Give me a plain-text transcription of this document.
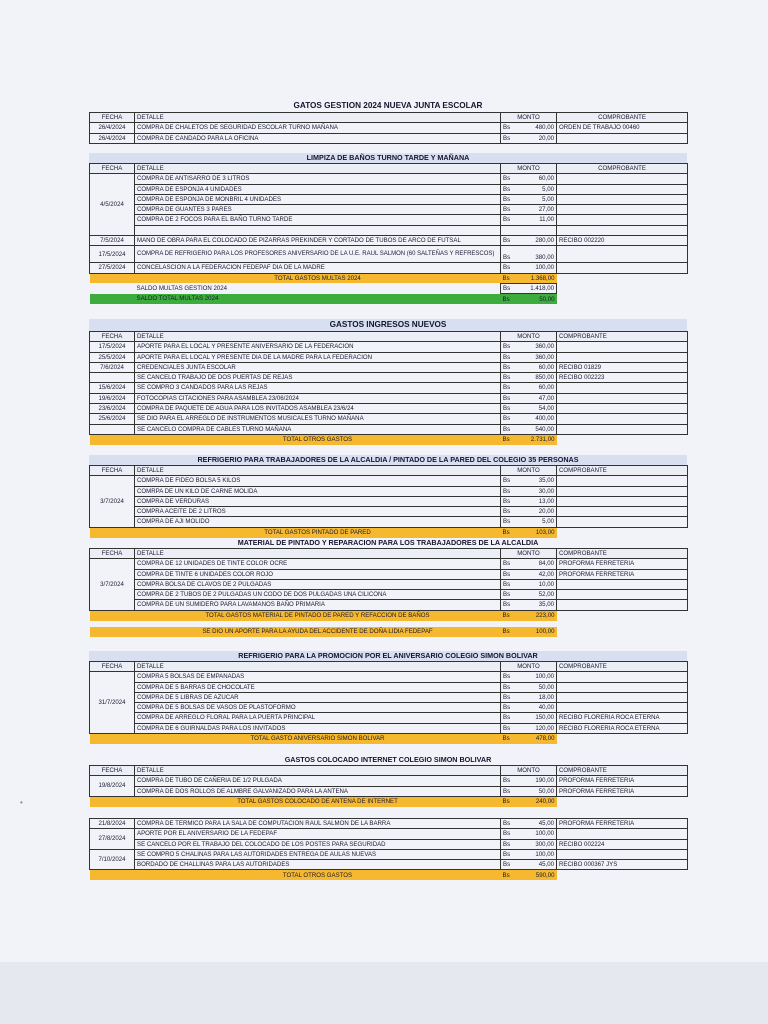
GATOS GESTION 2024 NUEVA JUNTA ESCOLAR
FECHA	DETALLE	MONTO		COMPROBANTE
26/4/2024	COMPRA DE CHALETOS DE SEGURIDAD ESCOLAR TURNO MAÑANA	Bs	480,00	ORDEN DE TRABAJO 00460
26/4/2024	COMPRA DE CANDADO PARA LA OFICINA	Bs	20,00	
LIMPIZA DE BAÑOS TURNO TARDE Y MAÑANA
FECHA	DETALLE	MONTO		COMPROBANTE
4/5/2024	COMPRA DE ANTISARRO DE 3 LITROS	Bs	60,00	
	COMPRA DE ESPONJA 4 UNIDADES	Bs	5,00	
	COMPRA DE ESPONJA DE MONBRIL 4 UNIDADES	Bs	5,00	
	COMPRA DE GUANTES 3 PARES	Bs	27,00	
	COMPRA DE 2 FOCOS PARA EL BAÑO TURNO TARDE	Bs	11,00	

7/5/2024	MANO DE OBRA PARA EL COLOCADO DE PIZARRAS PREKINDER Y CORTADO DE TUBOS DE ARCO DE FUTSAL	Bs	280,00	RECIBO 002220
17/5/2024	COMPRA DE REFRIGERIO PARA LOS PROFESORES ANIVERSARIO DE LA U.E. RAUL SALMON (60 SALTEÑAS Y REFRESCOS)	Bs	380,00	
27/5/2024	CONCELASCION A LA FEDERACION FEDEPAF DIA DE LA MADRE	Bs	100,00	
	TOTAL GASTOS MULTAS 2024	Bs	1.368,00	
	SALDO MULTAS GESTION 2024	Bs	1.418,00	
	SALDO TOTAL MULTAS 2024	Bs	50,00	
GASTOS INGRESOS NUEVOS
FECHA	DETALLE	MONTO		COMPROBANTE
17/5/2024	APORTE PARA EL LOCAL Y PRESENTE ANIVERSARIO DE LA FEDERACION	Bs	360,00	
25/5/2024	APORTE PARA EL LOCAL Y PRESENTE DIA DE LA MADRE PARA LA FEDERACION	Bs	360,00	
7/6/2024	CREDENCIALES JUNTA ESCOLAR	Bs	60,00	RECIBO 01829
	SE CANCELO TRABAJO DE DOS PUERTAS DE REJAS	Bs	850,00	RECIBO 002223
15/6/2024	SE COMPRO 3 CANDADOS PARA LAS REJAS	Bs	60,00	
19/6/2024	FOTOCOPIAS CITACIONES PARA ASAMBLEA 23/06/2024	Bs	47,00	
23/6/2024	COMPRA DE PAQUETE DE AGUA PARA LOS INVITADOS ASAMBLEA 23/6/24	Bs	54,00	
25/6/2024	SE DIO PARA EL ARREGLO DE INSTRUMENTOS MUSICALES TURNO MAÑANA	Bs	400,00	
	SE CANCELO COMPRA DE CABLES TURNO MAÑANA	Bs	540,00	
	TOTAL OTROS GASTOS	Bs	2.731,00	
REFRIGERIO PARA TRABAJADORES DE LA ALCALDIA / PINTADO DE LA PARED DEL COLEGIO 35 PERSONAS
FECHA	DETALLE	MONTO		COMPROBANTE
3/7/2024	COMPRA DE FIDEO BOLSA 5 KILOS	Bs	35,00	
	COMRPA DE UN KILO DE CARNE MOLIDA	Bs	30,00	
	COMPRA DE VERDURAS	Bs	13,00	
	COMPRA ACEITE DE 2 LITROS	Bs	20,00	
	COMPRA DE AJI MOLIDO	Bs	5,00	
	TOTAL GASTOS PINTADO DE PARED	Bs	103,00	
MATERIAL DE PINTADO Y REPARACION PARA LOS TRABAJADORES DE LA ALCALDIA
FECHA	DETALLE	MONTO		COMPROBANTE
3/7/2024	COMPRA DE 12 UNIDADES DE TINTE COLOR OCRE	Bs	84,00	PROFORMA FERRETERIA
	COMPRA DE TINTE 6 UNIDADES COLOR ROJO	Bs	42,00	PROFORMA FERRETERIA
	COMPRA BOLSA DE CLAVOS DE 2 PULGADAS	Bs	10,00	
	COMPRA DE 2 TUBOS DE 2 PULGADAS UN CODO DE DOS PULGADAS UNA CILICONA	Bs	52,00	
	COMPRA DE UN SUMIDERO PARA LAVAMANOS BAÑO PRIMARIA	Bs	35,00	
	TOTAL GASTOS MATERIAL DE PINTADO DE PARED Y REFACCION DE BAÑOS	Bs	223,00	

	SE DIO UN APORTE PARA LA AYUDA DEL ACCIDENTE DE DOÑA LIDIA FEDEPAF	Bs	100,00	
REFRIGERIO PARA LA PROMOCION POR EL ANIVERSARIO COLEGIO SIMON BOLIVAR
FECHA	DETALLE	MONTO		COMPROBANTE
31/7/2024	COMPRA 5 BOLSAS DE EMPANADAS	Bs	100,00	
	COMPRA DE 5 BARRAS DE CHOCOLATE	Bs	50,00	
	COMPRA DE 5 LIBRAS DE AZUCAR	Bs	18,00	
	COMPRA DE 5 BOLSAS DE VASOS DE PLASTOFORMO	Bs	40,00	
	COMPRA DE ARREGLO FLORAL PARA LA PUERTA PRINCIPAL	Bs	150,00	RECIBO FLORERIA ROCA ETERNA
	COMPRA DE 6 GUIRNALDAS PARA LOS INVITADOS	Bs	120,00	RECIBO FLORERIA ROCA ETERNA
	TOTAL GASTO ANIVERSARIO SIMON BOLIVAR	Bs	478,00	
GASTOS COLOCADO INTERNET COLEGIO SIMON BOLIVAR
FECHA	DETALLE	MONTO		COMPROBANTE
19/8/2024	COMPRA DE TUBO DE CAÑERIA DE 1/2 PULGADA	Bs	190,00	PROFORMA FERRETERIA
	COMPRA DE DOS ROLLOS DE ALMBRE GALVANIZADO PARA LA ANTENA	Bs	50,00	PROFORMA FERRETERIA
	TOTAL GASTOS COLOCADO DE ANTENA DE INTERNET	Bs	240,00	
21/8/2024	COMPRA DE TERMICO PARA LA SALA DE COMPUTACION RAUL SALMON DE LA BARRA	Bs	45,00	PROFORMA FERRETERIA
27/8/2024	APORTE POR EL ANIVERSARIO DE LA FEDEPAF	Bs	100,00	
	SE CANCELO POR EL TRABAJO DEL COLOCADO DE LOS POSTES PARA SEGURIDAD	Bs	300,00	RECIBO 002224
7/10/2024	SE COMPRO 5 CHALINAS PARA LAS AUTORIDADES ENTREGA DE AULAS NUEVAS	Bs	100,00	
	BORDADO DE CHALLINAS PARA LAS AUTORIDADES	Bs	45,00	RECIBO 000367 JYS
	TOTAL OTROS GASTOS	Bs	590,00	
•
